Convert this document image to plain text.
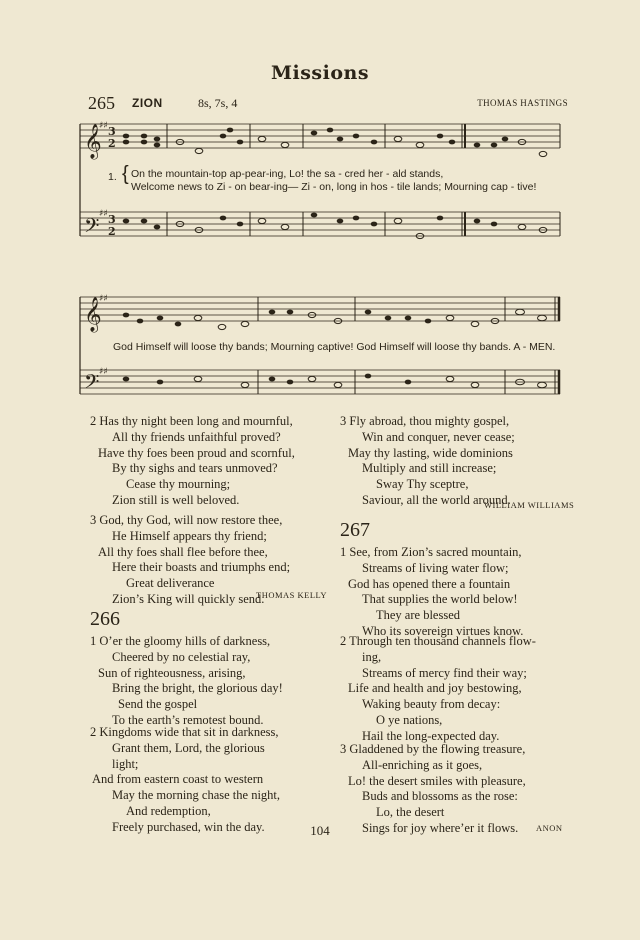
Missions
265 ZION	8s, 7s, 4	THOMAS HASTINGS
𝄞
𝄢
𝄞
𝄢
3
2
3
2
♯♯
♯♯
♯♯
♯♯
1. { On the mountain-top ap-pear-ing, Lo! the sa - cred her - ald stands,
Welcome news to Zi - on bear-ing— Zi - on, long in hos - tile lands; Mourning cap - tive!
God Himself will loose thy bands; Mourning captive! God Himself will loose thy bands. A - MEN.
2 Has thy night been long and mournful,
All thy friends unfaithful proved?
Have thy foes been proud and scornful,
By thy sighs and tears unmoved?
Cease thy mourning;
Zion still is well beloved.
3 God, thy God, will now restore thee,
He Himself appears thy friend;
All thy foes shall flee before thee,
Here their boasts and triumphs end;
Great deliverance
Zion’s King will quickly send.
THOMAS KELLY
266
1 O’er the gloomy hills of darkness,
Cheered by no celestial ray,
Sun of righteousness, arising,
Bring the bright, the glorious day!
Send the gospel
To the earth’s remotest bound.
2 Kingdoms wide that sit in darkness,
Grant them, Lord, the glorious
light;
And from eastern coast to western
May the morning chase the night,
And redemption,
Freely purchased, win the day.
3 Fly abroad, thou mighty gospel,
Win and conquer, never cease;
May thy lasting, wide dominions
Multiply and still increase;
Sway Thy sceptre,
Saviour, all the world around.
WILLIAM WILLIAMS
267
1 See, from Zion’s sacred mountain,
Streams of living water flow;
God has opened there a fountain
That supplies the world below!
They are blessed
Who its sovereign virtues know.
2 Through ten thousand channels flow-
ing,
Streams of mercy find their way;
Life and health and joy bestowing,
Waking beauty from decay:
O ye nations,
Hail the long-expected day.
3 Gladdened by the flowing treasure,
All-enriching as it goes,
Lo! the desert smiles with pleasure,
Buds and blossoms as the rose:
Lo, the desert
Sings for joy where’er it flows.	ANON
104
